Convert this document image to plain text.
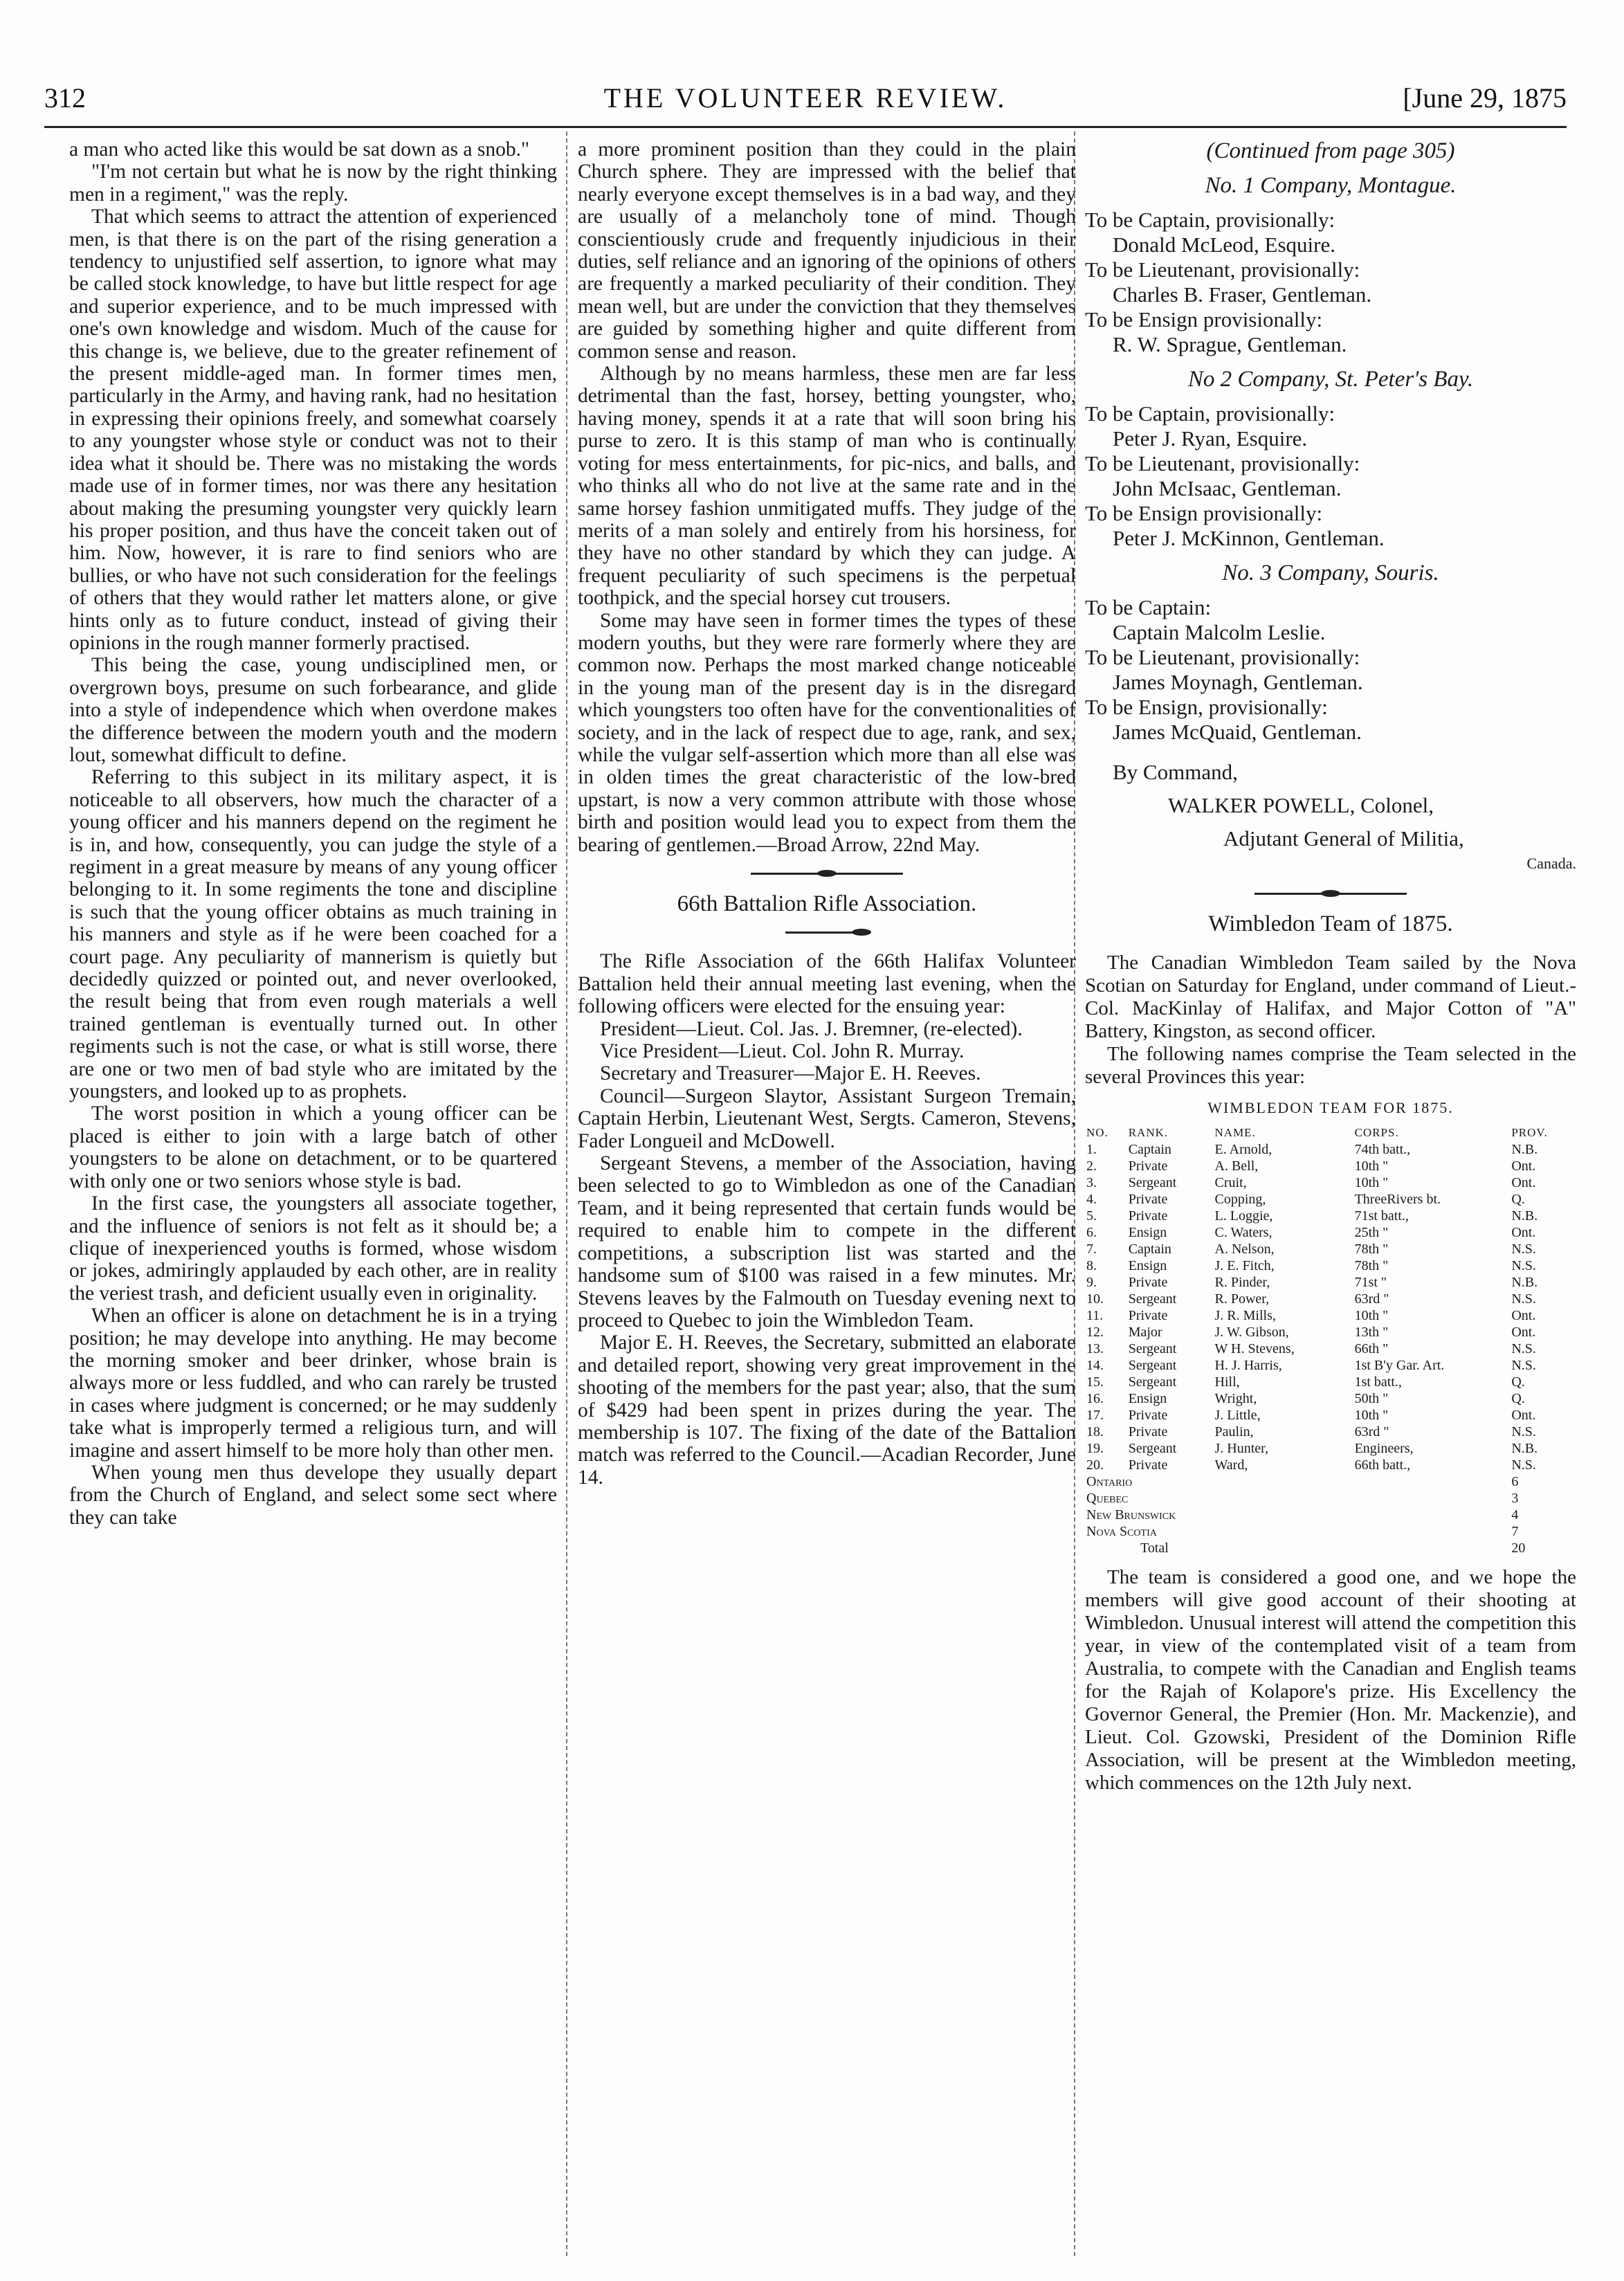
312	THE VOLUNTEER REVIEW.	[June 29, 1875

a man who acted like this would be sat down as a snob."

"I'm not certain but what he is now by the right thinking men in a regiment," was the reply.

That which seems to attract the attention of experienced men, is that there is on the part of the rising generation a tendency to unjustified self assertion, to ignore what may be called stock knowledge, to have but little respect for age and superior experience, and to be much impressed with one's own knowledge and wisdom. Much of the cause for this change is, we believe, due to the greater refinement of the present middle-aged man. In former times men, particularly in the Army, and having rank, had no hesitation in expressing their opinions freely, and somewhat coarsely to any youngster whose style or conduct was not to their idea what it should be. There was no mistaking the words made use of in former times, nor was there any hesitation about making the presuming youngster very quickly learn his proper position, and thus have the conceit taken out of him. Now, however, it is rare to find seniors who are bullies, or who have not such consideration for the feelings of others that they would rather let matters alone, or give hints only as to future conduct, instead of giving their opinions in the rough manner formerly practised.

This being the case, young undisciplined men, or overgrown boys, presume on such forbearance, and glide into a style of independence which when overdone makes the difference between the modern youth and the modern lout, somewhat difficult to define.

Referring to this subject in its military aspect, it is noticeable to all observers, how much the character of a young officer and his manners depend on the regiment he is in, and how, consequently, you can judge the style of a regiment in a great measure by means of any young officer belonging to it. In some regiments the tone and discipline is such that the young officer obtains as much training in his manners and style as if he were been coached for a court page. Any peculiarity of mannerism is quietly but decidedly quizzed or pointed out, and never overlooked, the result being that from even rough materials a well trained gentleman is eventually turned out. In other regiments such is not the case, or what is still worse, there are one or two men of bad style who are imitated by the youngsters, and looked up to as prophets.

The worst position in which a young officer can be placed is either to join with a large batch of other youngsters to be alone on detachment, or to be quartered with only one or two seniors whose style is bad.

In the first case, the youngsters all associate together, and the influence of seniors is not felt as it should be; a clique of inexperienced youths is formed, whose wisdom or jokes, admiringly applauded by each other, are in reality the veriest trash, and deficient usually even in originality.

When an officer is alone on detachment he is in a trying position; he may develope into anything. He may become the morning smoker and beer drinker, whose brain is always more or less fuddled, and who can rarely be trusted in cases where judgment is concerned; or he may suddenly take what is improperly termed a religious turn, and will imagine and assert himself to be more holy than other men.

When young men thus develope they usually depart from the Church of England, and select some sect where they can take

a more prominent position than they could in the plain Church sphere. They are impressed with the belief that nearly everyone except themselves is in a bad way, and they are usually of a melancholy tone of mind. Though conscientiously crude and frequently injudicious in their duties, self reliance and an ignoring of the opinions of others are frequently a marked peculiarity of their condition. They mean well, but are under the conviction that they themselves are guided by something higher and quite different from common sense and reason.

Although by no means harmless, these men are far less detrimental than the fast, horsey, betting youngster, who, having money, spends it at a rate that will soon bring his purse to zero. It is this stamp of man who is continually voting for mess entertainments, for pic-nics, and balls, and who thinks all who do not live at the same rate and in the same horsey fashion unmitigated muffs. They judge of the merits of a man solely and entirely from his horsiness, for they have no other standard by which they can judge. A frequent peculiarity of such specimens is the perpetual toothpick, and the special horsey cut trousers.

Some may have seen in former times the types of these modern youths, but they were rare formerly where they are common now. Perhaps the most marked change noticeable in the young man of the present day is in the disregard which youngsters too often have for the conventionalities of society, and in the lack of respect due to age, rank, and sex, while the vulgar self-assertion which more than all else was in olden times the great characteristic of the low-bred upstart, is now a very common attribute with those whose birth and position would lead you to expect from them the bearing of gentlemen.—Broad Arrow, 22nd May.

66th Battalion Rifle Association.

The Rifle Association of the 66th Halifax Volunteer Battalion held their annual meeting last evening, when the following officers were elected for the ensuing year:

President—Lieut. Col. Jas. J. Bremner, (re-elected).

Vice President—Lieut. Col. John R. Murray.

Secretary and Treasurer—Major E. H. Reeves.

Council—Surgeon Slaytor, Assistant Surgeon Tremain, Captain Herbin, Lieutenant West, Sergts. Cameron, Stevens, Fader Longueil and McDowell.

Sergeant Stevens, a member of the Association, having been selected to go to Wimbledon as one of the Canadian Team, and it being represented that certain funds would be required to enable him to compete in the different competitions, a subscription list was started and the handsome sum of $100 was raised in a few minutes. Mr. Stevens leaves by the Falmouth on Tuesday evening next to proceed to Quebec to join the Wimbledon Team.

Major E. H. Reeves, the Secretary, submitted an elaborate and detailed report, showing very great improvement in the shooting of the members for the past year; also, that the sum of $429 had been spent in prizes during the year. The membership is 107. The fixing of the date of the Battalion match was referred to the Council.—Acadian Recorder, June 14.

(Continued from page 305)
No. 1 Company, Montague.

To be Captain, provisionally:

Donald McLeod, Esquire.

To be Lieutenant, provisionally:

Charles B. Fraser, Gentleman.

To be Ensign provisionally:

R. W. Sprague, Gentleman.

No 2 Company, St. Peter's Bay.

To be Captain, provisionally:

Peter J. Ryan, Esquire.

To be Lieutenant, provisionally:

John McIsaac, Gentleman.

To be Ensign provisionally:

Peter J. McKinnon, Gentleman.

No. 3 Company, Souris.

To be Captain:

Captain Malcolm Leslie.

To be Lieutenant, provisionally:

James Moynagh, Gentleman.

To be Ensign, provisionally:

James McQuaid, Gentleman.

By Command,

WALKER POWELL, Colonel,

Adjutant General of Militia,

Canada.

Wimbledon Team of 1875.

The Canadian Wimbledon Team sailed by the Nova Scotian on Saturday for England, under command of Lieut.-Col. MacKinlay of Halifax, and Major Cotton of "A" Battery, Kingston, as second officer.

The following names comprise the Team selected in the several Provinces this year:

WIMBLEDON TEAM FOR 1875.
NO.	RANK.	NAME.	CORPS.	PROV.
1.	Captain	E. Arnold,	74th batt.,	N.B.
2.	Private	A. Bell,	10th "	Ont.
3.	Sergeant	Cruit,	10th "	Ont.
4.	Private	Copping,	ThreeRivers bt.	Q.
5.	Private	L. Loggie,	71st batt.,	N.B.
6.	Ensign	C. Waters,	25th "	Ont.
7.	Captain	A. Nelson,	78th "	N.S.
8.	Ensign	J. E. Fitch,	78th "	N.S.
9.	Private	R. Pinder,	71st "	N.B.
10.	Sergeant	R. Power,	63rd "	N.S.
11.	Private	J. R. Mills,	10th "	Ont.
12.	Major	J. W. Gibson,	13th "	Ont.
13.	Sergeant	W H. Stevens,	66th "	N.S.
14.	Sergeant	H. J. Harris,	1st B'y Gar. Art.	N.S.
15.	Sergeant	Hill,	1st batt.,	Q.
16.	Ensign	Wright,	50th "	Q.
17.	Private	J. Little,	10th "	Ont.
18.	Private	Paulin,	63rd "	N.S.
19.	Sergeant	J. Hunter,	Engineers,	N.B.
20.	Private	Ward,	66th batt.,	N.S.
Ontario				6
Quebec				3
New Brunswick				4
Nova Scotia				7
Total				20

The team is considered a good one, and we hope the members will give good account of their shooting at Wimbledon. Unusual interest will attend the competition this year, in view of the contemplated visit of a team from Australia, to compete with the Canadian and English teams for the Rajah of Kolapore's prize. His Excellency the Governor General, the Premier (Hon. Mr. Mackenzie), and Lieut. Col. Gzowski, President of the Dominion Rifle Association, will be present at the Wimbledon meeting, which commences on the 12th July next.
